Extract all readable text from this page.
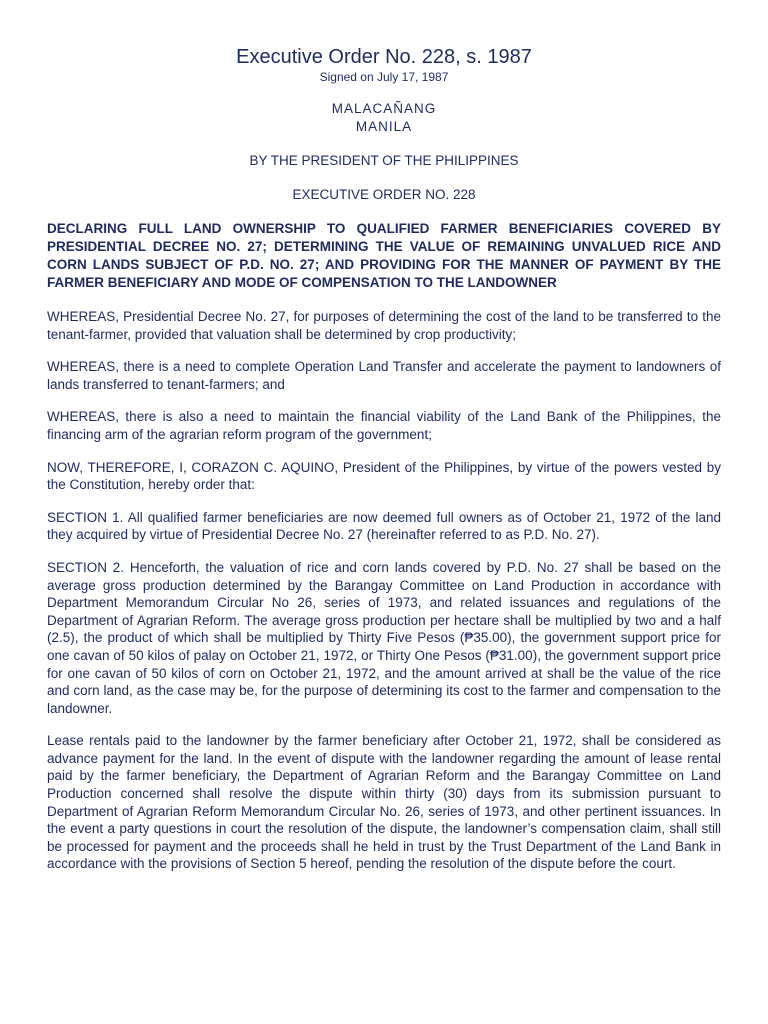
Executive Order No. 228, s. 1987

Signed on July 17, 1987

MALACAÑANG

MANILA

BY THE PRESIDENT OF THE PHILIPPINES

EXECUTIVE ORDER NO. 228

DECLARING FULL LAND OWNERSHIP TO QUALIFIED FARMER BENEFICIARIES COVERED BY PRESIDENTIAL DECREE NO. 27; DETERMINING THE VALUE OF REMAINING UNVALUED RICE AND CORN LANDS SUBJECT OF P.D. NO. 27; AND PROVIDING FOR THE MANNER OF PAYMENT BY THE FARMER BENEFICIARY AND MODE OF COMPENSATION TO THE LANDOWNER

WHEREAS, Presidential Decree No. 27, for purposes of determining the cost of the land to be transferred to the tenant-farmer, provided that valuation shall be determined by crop productivity;

WHEREAS, there is a need to complete Operation Land Transfer and accelerate the payment to landowners of lands transferred to tenant-farmers; and

WHEREAS, there is also a need to maintain the financial viability of the Land Bank of the Philippines, the financing arm of the agrarian reform program of the government;

NOW, THEREFORE, I, CORAZON C. AQUINO, President of the Philippines, by virtue of the powers vested by the Constitution, hereby order that:

SECTION 1. All qualified farmer beneficiaries are now deemed full owners as of October 21, 1972 of the land they acquired by virtue of Presidential Decree No. 27 (hereinafter referred to as P.D. No. 27).

SECTION 2. Henceforth, the valuation of rice and corn lands covered by P.D. No. 27 shall be based on the average gross production determined by the Barangay Committee on Land Production in accordance with Department Memorandum Circular No 26, series of 1973, and related issuances and regulations of the Department of Agrarian Reform. The average gross production per hectare shall be multiplied by two and a half (2.5), the product of which shall be multiplied by Thirty Five Pesos (₱35.00), the government support price for one cavan of 50 kilos of palay on October 21, 1972, or Thirty One Pesos (₱31.00), the government support price for one cavan of 50 kilos of corn on October 21, 1972, and the amount arrived at shall be the value of the rice and corn land, as the case may be, for the purpose of determining its cost to the farmer and compensation to the landowner.

Lease rentals paid to the landowner by the farmer beneficiary after October 21, 1972, shall be considered as advance payment for the land. In the event of dispute with the landowner regarding the amount of lease rental paid by the farmer beneficiary, the Department of Agrarian Reform and the Barangay Committee on Land Production concerned shall resolve the dispute within thirty (30) days from its submission pursuant to Department of Agrarian Reform Memorandum Circular No. 26, series of 1973, and other pertinent issuances. In the event a party questions in court the resolution of the dispute, the landowner’s compensation claim, shall still be processed for payment and the proceeds shall he held in trust by the Trust Department of the Land Bank in accordance with the provisions of Section 5 hereof, pending the resolution of the dispute before the court.
